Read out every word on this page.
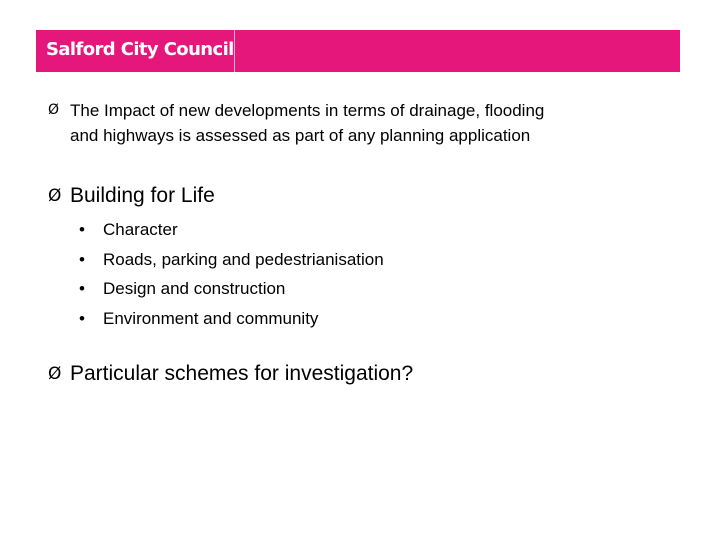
Salford City Council
Ø The Impact of new developments in terms of drainage, flooding
and highways is assessed as part of any planning application
Ø Building for Life
•	Character
•	Roads, parking and pedestrianisation
•	Design and construction
•	Environment and community
Ø Particular schemes for investigation?
